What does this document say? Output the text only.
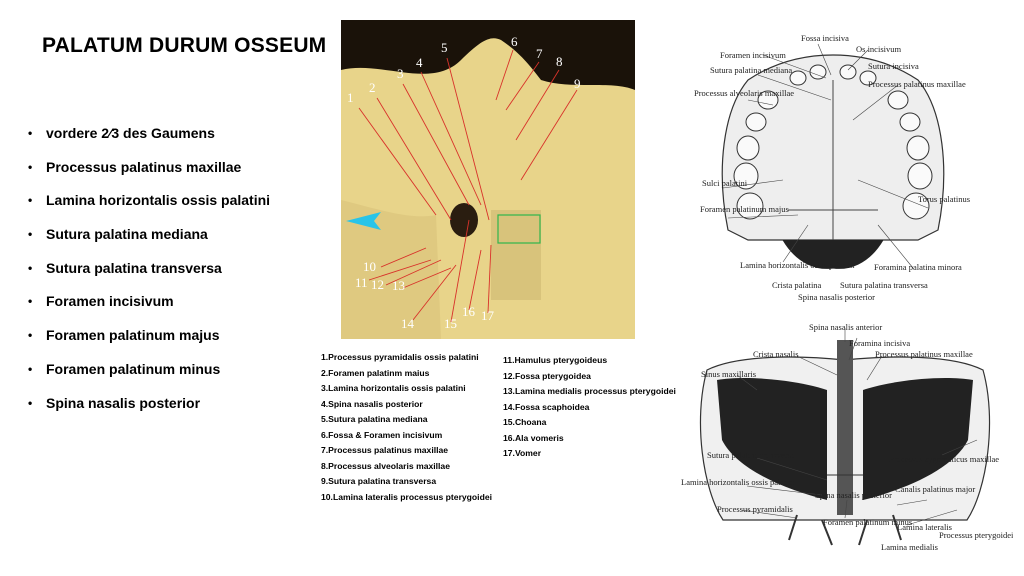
PALATUM DURUM OSSEUM
• vordere 2⁄3 des Gaumens
• Processus palatinus maxillae
• Lamina horizontalis ossis palatini
• Sutura palatina mediana
• Sutura palatina transversa
• Foramen incisivum
• Foramen palatinum majus
• Foramen palatinum minus
• Spina nasalis posterior
1
2
3
4
5	6
7
8
9
10
11 12 13
14 15
16 17
1.Processus pyramidalis ossis palatini
2.Foramen palatinm maius
3.Lamina horizontalis ossis palatini
4.Spina nasalis posterior
5.Sutura palatina mediana
6.Fossa & Foramen incisivum
7.Processus palatinus maxillae
8.Processus alveolaris maxillae
9.Sutura palatina transversa
10.Lamina lateralis processus pterygoidei
11.Hamulus pterygoideus
12.Fossa pterygoidea
13.Lamina medialis processus pterygoidei
14.Fossa scaphoidea
15.Choana
16.Ala vomeris
17.Vomer
Fossa incisiva
Foramen incisivum
Os incisivum
Sutura incisiva
Sutura palatina mediana
Processus palatinus maxillae
Processus alveolaris maxillae
Sulci palatini
Foramen palatinum majus
Torus palatinus
Lamina horizontalis ossis palatini
Crista palatina
Foramina palatina minora
Sutura palatina transversa
Spina nasalis posterior
Spina nasalis anterior
Foramina incisiva
Crista nasalis	Processus palatinus maxillae
Sinus maxillaris
Sutura palatina transversa
Lamina horizontalis ossis palatini
Processus pyramidalis
Spina nasalis posterior
Foramen palatinum minus
Processus zygomaticus maxillae
Canalis palatinus major
Lamina lateralis
Lamina medialis
Processus pterygoidei
